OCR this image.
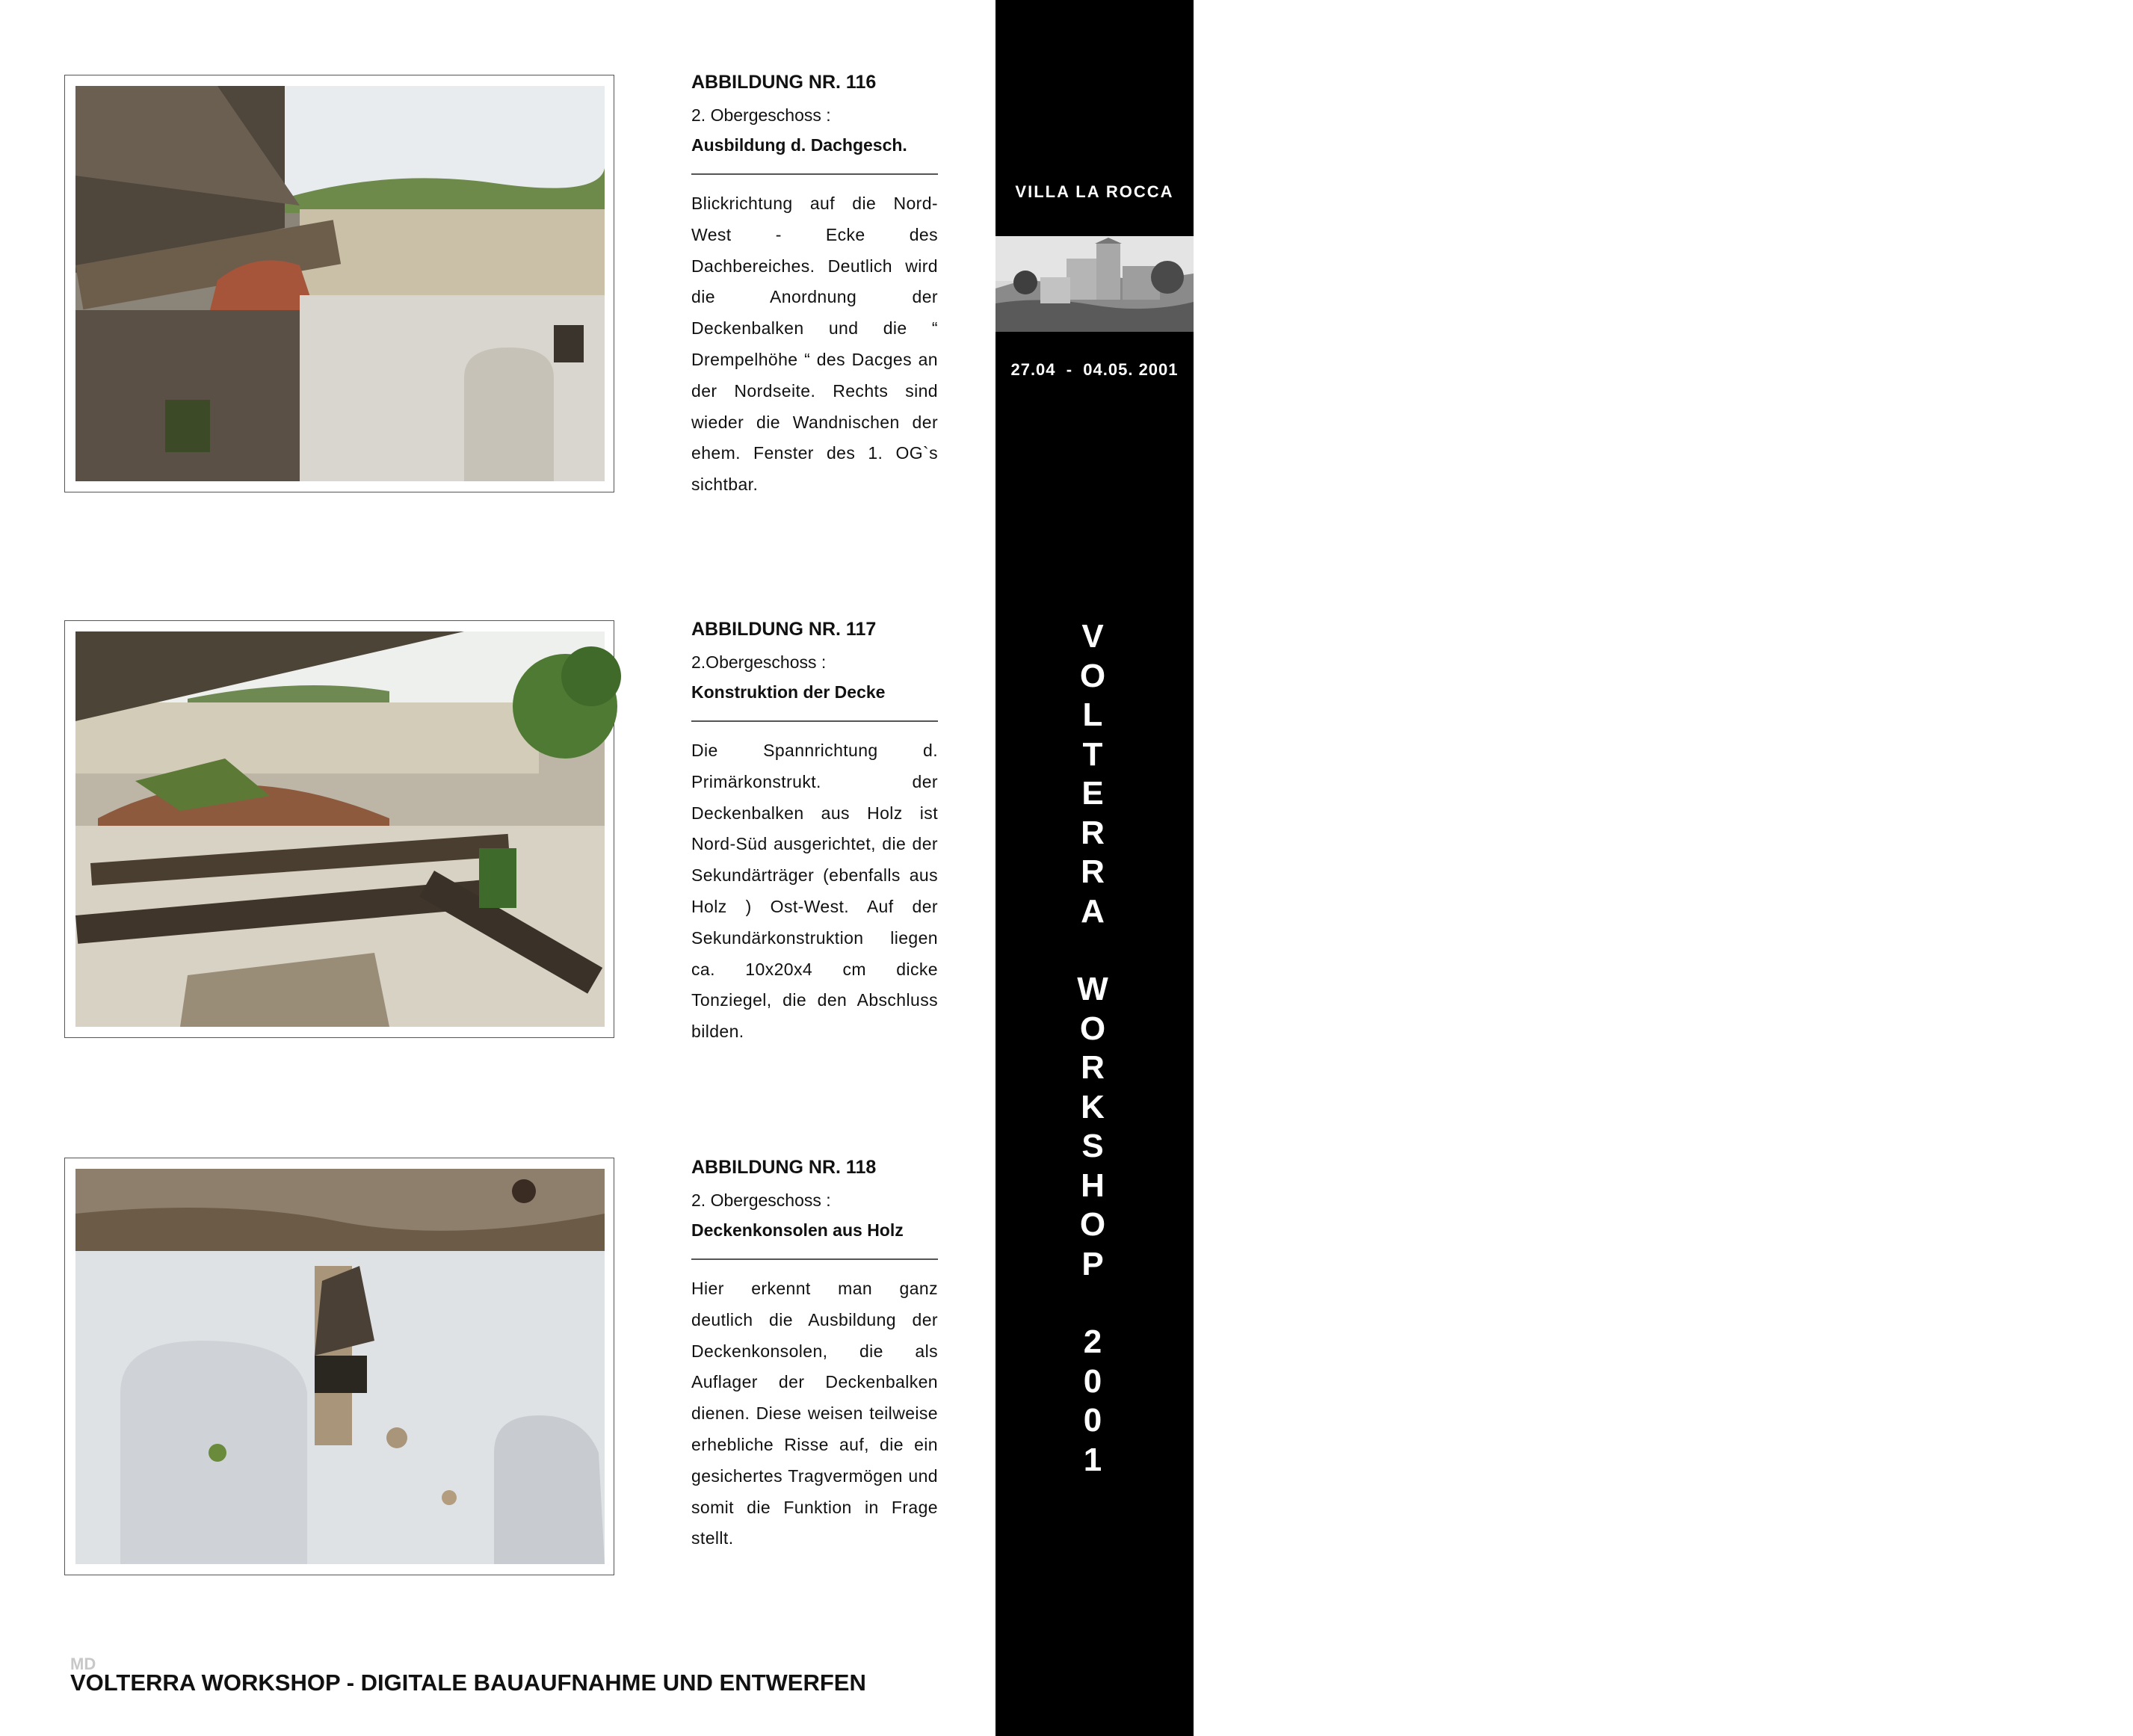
VILLA LA ROCCA
27.04  -  04.05. 2001
79
V
O
L
T
E
R
R
A
W
O
R
K
S
H
O
P
2
0
0
1

ABBILDUNG NR. 116

2. Obergeschoss :

Ausbildung d. Dachgesch.

Blickrichtung auf die Nord-West - Ecke des Dachbereiches. Deutlich wird die Anordnung der Deckenbalken und die “ Drempelhöhe “ des Dacges an der Nordseite. Rechts sind wieder die Wandnischen der ehem. Fenster des 1. OG`s sichtbar.

ABBILDUNG NR. 117

2.Obergeschoss :

Konstruktion der Decke

Die Spannrichtung d. Primärkonstrukt. der Deckenbalken aus Holz ist Nord-Süd ausgerichtet, die der Sekundärträger (ebenfalls aus Holz ) Ost-West. Auf der Sekundärkonstruktion liegen ca. 10x20x4 cm dicke Tonziegel, die den Abschluss bilden.

ABBILDUNG NR. 118

2. Obergeschoss :

Deckenkonsolen aus Holz

Hier erkennt man ganz deutlich die Ausbildung der Deckenkonsolen, die als Auflager der Deckenbalken dienen. Diese weisen teilweise erhebliche Risse auf, die ein gesichertes Tragvermögen und somit die Funktion in Frage stellt.

MD
VOLTERRA WORKSHOP - DIGITALE BAUAUFNAHME UND ENTWERFEN
